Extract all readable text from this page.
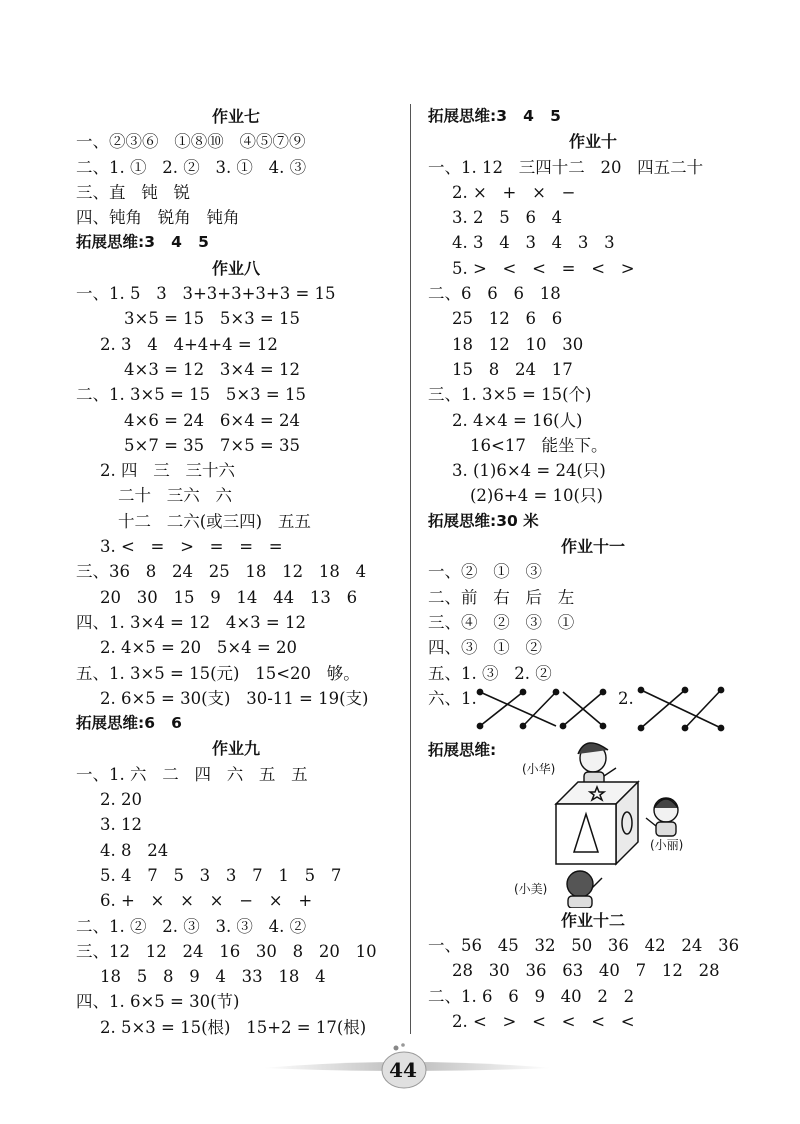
作业七
一、②③⑥   ①⑧⑩   ④⑤⑦⑨
二、1. ①   2. ②   3. ①   4. ③
三、直   钝   锐
四、钝角   锐角   钝角
拓展思维:3   4   5
作业八
一、1. 5   3   3+3+3+3+3 = 15
3×5 = 15   5×3 = 15
2. 3   4   4+4+4 = 12
4×3 = 12   3×4 = 12
二、1. 3×5 = 15   5×3 = 15
4×6 = 24   6×4 = 24
5×7 = 35   7×5 = 35
2. 四   三   三十六
二十   三六   六
十二   二六(或三四)   五五
3. <   =   >   =   =   =
三、36   8   24   25   18   12   18   4
20   30   15   9   14   44   13   6
四、1. 3×4 = 12   4×3 = 12
2. 4×5 = 20   5×4 = 20
五、1. 3×5 = 15(元)   15<20   够。
2. 6×5 = 30(支)   30-11 = 19(支)
拓展思维:6   6
作业九
一、1. 六   二   四   六   五   五
2. 20
3. 12
4. 8   24
5. 4   7   5   3   3   7   1   5   7
6. +   ×   ×   ×   −   ×   +
二、1. ②   2. ③   3. ③   4. ②
三、12   12   24   16   30   8   20   10
18   5   8   9   4   33   18   4
四、1. 6×5 = 30(节)
2. 5×3 = 15(根)   15+2 = 17(根)
拓展思维:3   4   5
作业十
一、1. 12   三四十二   20   四五二十
2. ×   +   ×   −
3. 2   5   6   4
4. 3   4   3   4   3   3
5. >   <   <   =   <   >
二、6   6   6   18
25   12   6   6
18   12   10   30
15   8   24   17
三、1. 3×5 = 15(个)
2. 4×4 = 16(人)
16<17   能坐下。
3. (1)6×4 = 24(只)
(2)6+4 = 10(只)
拓展思维:30 米
作业十一
一、②   ①   ③
二、前   右   后   左
三、④   ②   ③   ①
四、③   ①   ②
五、1. ③   2. ②
六、1.	2.
拓展思维:
(小华)
(小丽)
(小美)
作业十二
一、56   45   32   50   36   42   24   36
28   30   36   63   40   7   12   28
二、1. 6   6   9   40   2   2
2. <   >   <   <   <   <
44
